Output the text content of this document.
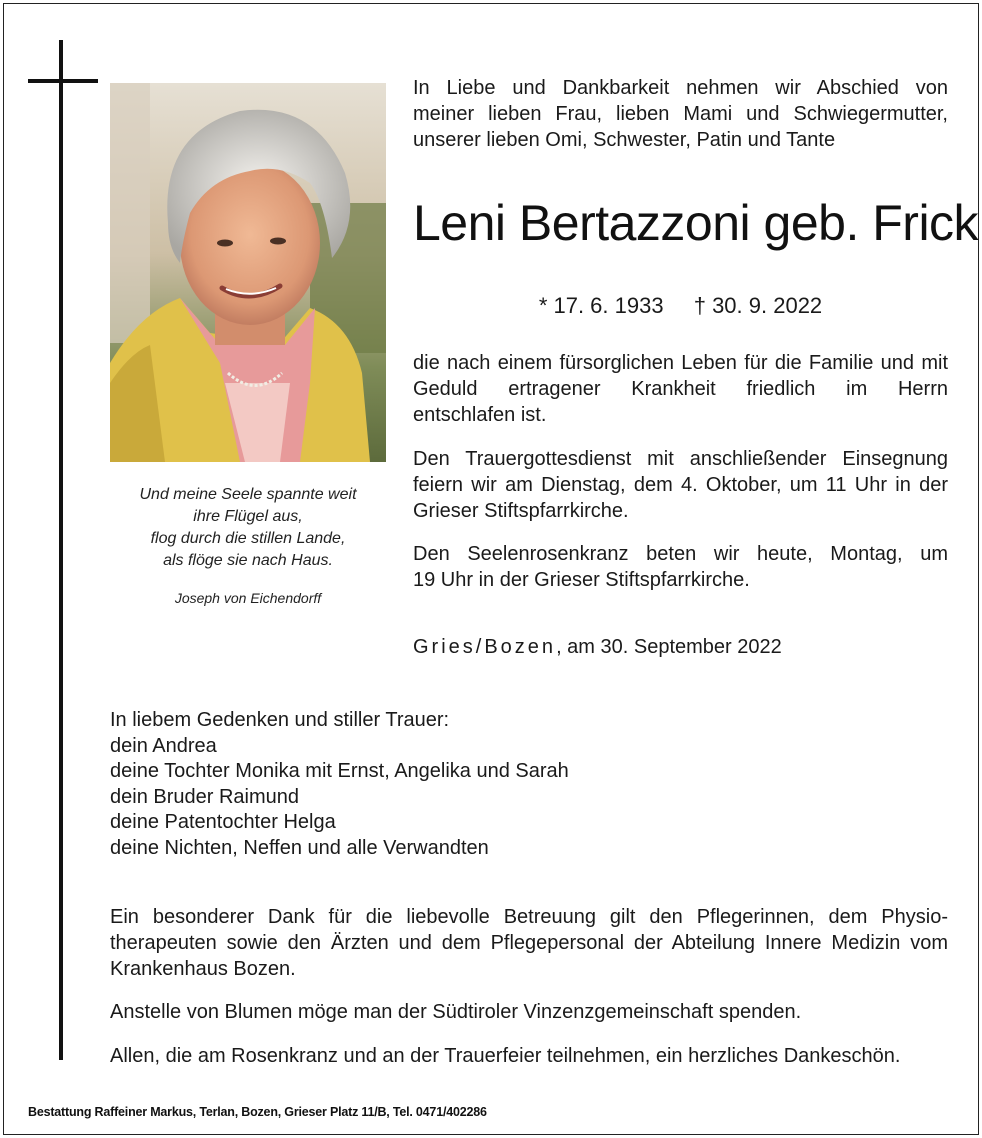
Und meine Seele spannte weit
ihre Flügel aus,
flog durch die stillen Lande,
als flöge sie nach Haus.
Joseph von Eichendorff
In Liebe und Dankbarkeit nehmen wir Abschied von
meiner lieben Frau, lieben Mami und Schwiegermutter,
unserer lieben Omi, Schwester, Patin und Tante
Leni Bertazzoni geb. Frick
* 17. 6. 1933 † 30. 9. 2022
die nach einem fürsorglichen Leben für die Familie und mit
Geduld ertragener Krankheit friedlich im Herrn
entschlafen ist.
Den Trauergottesdienst mit anschließender Einsegnung
feiern wir am Dienstag, dem 4. Oktober, um 11 Uhr in der
Grieser Stiftspfarrkirche.
Den Seelenrosenkranz beten wir heute, Montag, um
19 Uhr in der Grieser Stiftspfarrkirche.
Gries/Bozen, am 30. September 2022
In liebem Gedenken und stiller Trauer:
dein Andrea
deine Tochter Monika mit Ernst, Angelika und Sarah
dein Bruder Raimund
deine Patentochter Helga
deine Nichten, Neffen und alle Verwandten
Ein besonderer Dank für die liebevolle Betreuung gilt den Pflegerinnen, dem Physio-
therapeuten sowie den Ärzten und dem Pflegepersonal der Abteilung Innere Medizin vom
Krankenhaus Bozen.
Anstelle von Blumen möge man der Südtiroler Vinzenzgemeinschaft spenden.
Allen, die am Rosenkranz und an der Trauerfeier teilnehmen, ein herzliches Dankeschön.
Bestattung Raffeiner Markus, Terlan, Bozen, Grieser Platz 11/B, Tel. 0471/402286
